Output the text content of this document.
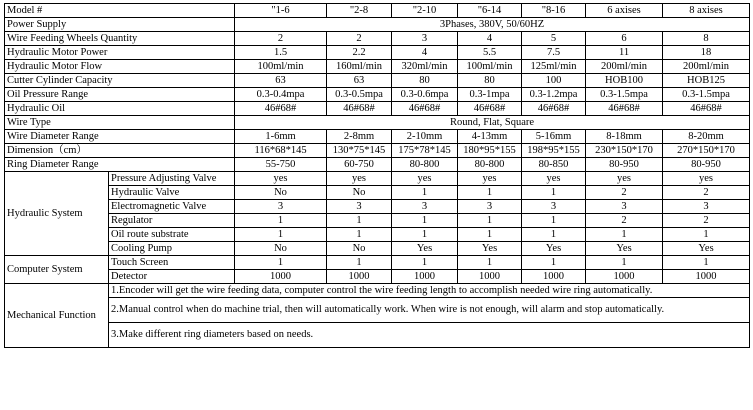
Model #		"1-6	"2-8	"2-10	"6-14	"8-16	6 axises	8 axises
Power Supply		3Phases, 380V, 50/60HZ						
Wire Feeding Wheels Quantity		2	2	3	4	5	6	8
Hydraulic Motor Power		1.5	2.2	4	5.5	7.5	11	18
Hydraulic Motor Flow		100ml/min	160ml/min	320ml/min	100ml/min	125ml/min	200ml/min	200ml/min
Cutter Cylinder Capacity		63	63	80	80	100	HOB100	HOB125
Oil Pressure Range		0.3-0.4mpa	0.3-0.5mpa	0.3-0.6mpa	0.3-1mpa	0.3-1.2mpa	0.3-1.5mpa	0.3-1.5mpa
Hydraulic Oil		46#68#	46#68#	46#68#	46#68#	46#68#	46#68#	46#68#
Wire Type		Round, Flat, Square						
Wire Diameter Range		1-6mm	2-8mm	2-10mm	4-13mm	5-16mm	8-18mm	8-20mm
Dimension（cm）		116*68*145	130*75*145	175*78*145	180*95*155	198*95*155	230*150*170	270*150*170
Ring Diameter Range		55-750	60-750	80-800	80-800	80-850	80-950	80-950
Hydraulic System	Pressure Adjusting Valve	yes	yes	yes	yes	yes	yes	yes
	Hydraulic Valve	No	No	1	1	1	2	2
	Electromagnetic Valve	3	3	3	3	3	3	3
	Regulator	1	1	1	1	1	2	2
	Oil route substrate	1	1	1	1	1	1	1
	Cooling Pump	No	No	Yes	Yes	Yes	Yes	Yes
Computer System	Touch Screen	1	1	1	1	1	1	1
	Detector	1000	1000	1000	1000	1000	1000	1000
Mechanical Function	1.Encoder will get the wire feeding data, computer control the wire feeding length to accomplish needed wire ring automatically.							
	2.Manual control when do machine trial, then will automatically work. When wire is not enough, will alarm and stop automatically.							
	3.Make different ring diameters based on needs.							
